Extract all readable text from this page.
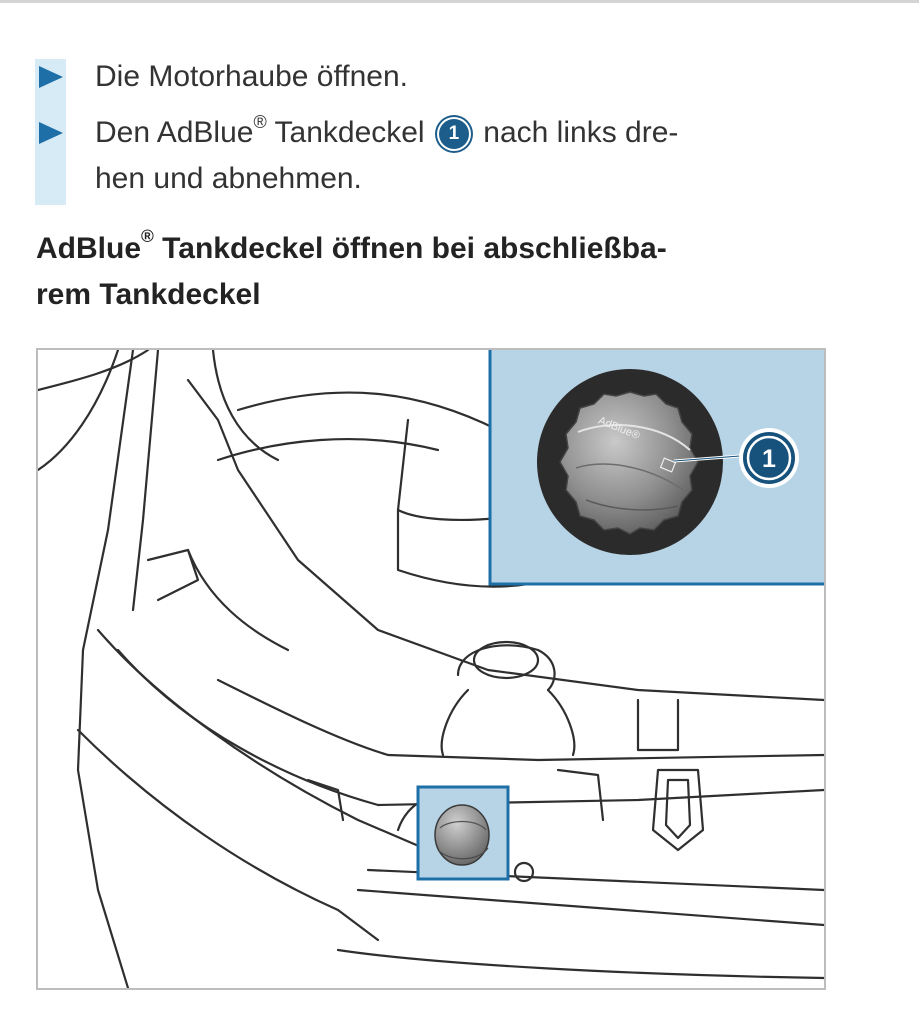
Die Motorhaube öffnen.
Den AdBlue® Tankdeckel 1 nach links dre-
hen und abnehmen.
AdBlue® Tankdeckel öffnen bei abschließba-
rem Tankdeckel
AdBlue®
1
